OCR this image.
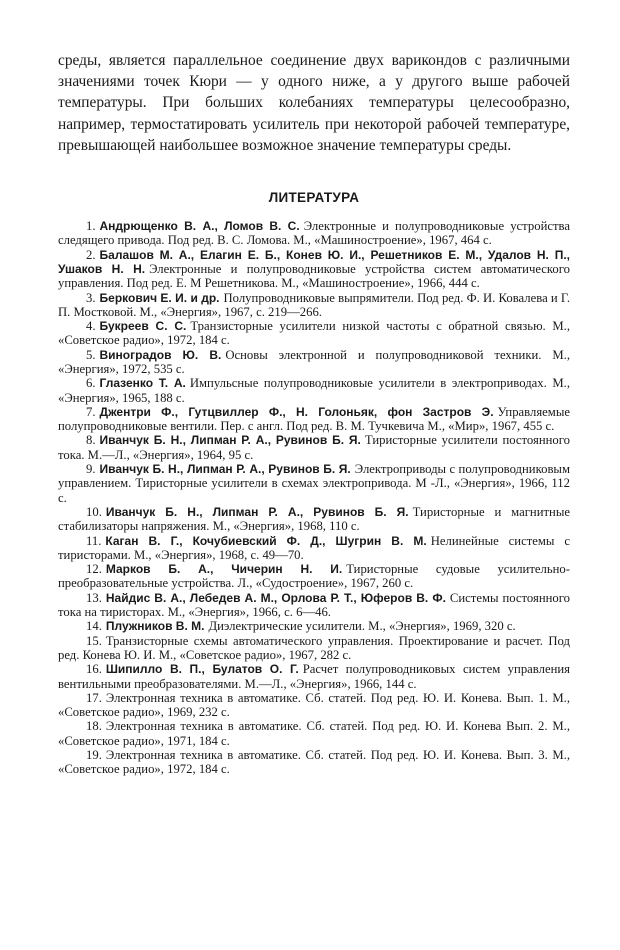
среды, является параллельное соединение двух варикондов с различными значениями точек Кюри — у одного ниже, а у другого выше рабочей температуры. При больших колебаниях температуры целесообразно, например, термостатировать усилитель при некоторой рабочей температуре, превышающей наибольшее возможное значение температуры среды.

ЛИТЕРАТУРА
1. Андрющенко В. А., Ломов В. С. Электронные и полупроводниковые устройства следящего привода. Под ред. В. С. Ломова. М., «Машиностроение», 1967, 464 с.
2. Балашов М. А., Елагин Е. Б., Конев Ю. И., Решетников Е. М., Удалов Н. П., Ушаков Н. Н. Электронные и полупроводниковые устройства систем автоматического управления. Под ред. Е. М Решетникова. М., «Машиностроение», 1966, 444 с.
3. Беркович Е. И. и др. Полупроводниковые выпрямители. Под ред. Ф. И. Ковалева и Г. П. Мостковой. М., «Энергия», 1967, с. 219—266.
4. Букреев С. С. Транзисторные усилители низкой частоты с обратной связью. М., «Советское радио», 1972, 184 с.
5. Виноградов Ю. В. Основы электронной и полупроводниковой техники. М., «Энергия», 1972, 535 с.
6. Глазенко Т. А. Импульсные полупроводниковые усилители в электроприводах. М., «Энергия», 1965, 188 с.
7. Джентри Ф., Гутцвиллер Ф., Н. Голоньяк, фон Застров Э. Управляемые полупроводниковые вентили. Пер. с англ. Под ред. В. М. Тучкевича М., «Мир», 1967, 455 с.
8. Иванчук Б. Н., Липман Р. А., Рувинов Б. Я. Тиристорные усилители постоянного тока. М.—Л., «Энергия», 1964, 95 с.
9. Иванчук Б. Н., Липман Р. А., Рувинов Б. Я. Электроприводы с полупроводниковым управлением. Тиристорные усилители в схемах электропривода. М -Л., «Энергия», 1966, 112 с.
10. Иванчук Б. Н., Липман Р. А., Рувинов Б. Я. Тиристорные и магнитные стабилизаторы напряжения. М., «Энергия», 1968, 110 с.
11. Каган В. Г., Кочубиевский Ф. Д., Шугрин В. М. Нелинейные системы с тиристорами. М., «Энергия», 1968, с. 49—70.
12. Марков Б. А., Чичерин Н. И. Тиристорные судовые усилительно-преобразовательные устройства. Л., «Судостроение», 1967, 260 с.
13. Найдис В. А., Лебедев А. М., Орлова Р. Т., Юферов В. Ф. Системы постоянного тока на тиристорах. М., «Энергия», 1966, с. 6—46.
14. Плужников В. М. Диэлектрические усилители. М., «Энергия», 1969, 320 с.
15. Транзисторные схемы автоматического управления. Проектирование и расчет. Под ред. Конева Ю. И. М., «Советское радио», 1967, 282 с.
16. Шипилло В. П., Булатов О. Г. Расчет полупроводниковых систем управления вентильными преобразователями. М.—Л., «Энергия», 1966, 144 с.
17. Электронная техника в автоматике. Сб. статей. Под ред. Ю. И. Конева. Вып. 1. М., «Советское радио», 1969, 232 с.
18. Электронная техника в автоматике. Сб. статей. Под ред. Ю. И. Конева Вып. 2. М., «Советское радио», 1971, 184 с.
19. Электронная техника в автоматике. Сб. статей. Под ред. Ю. И. Конева. Вып. 3. М., «Советское радио», 1972, 184 с.
